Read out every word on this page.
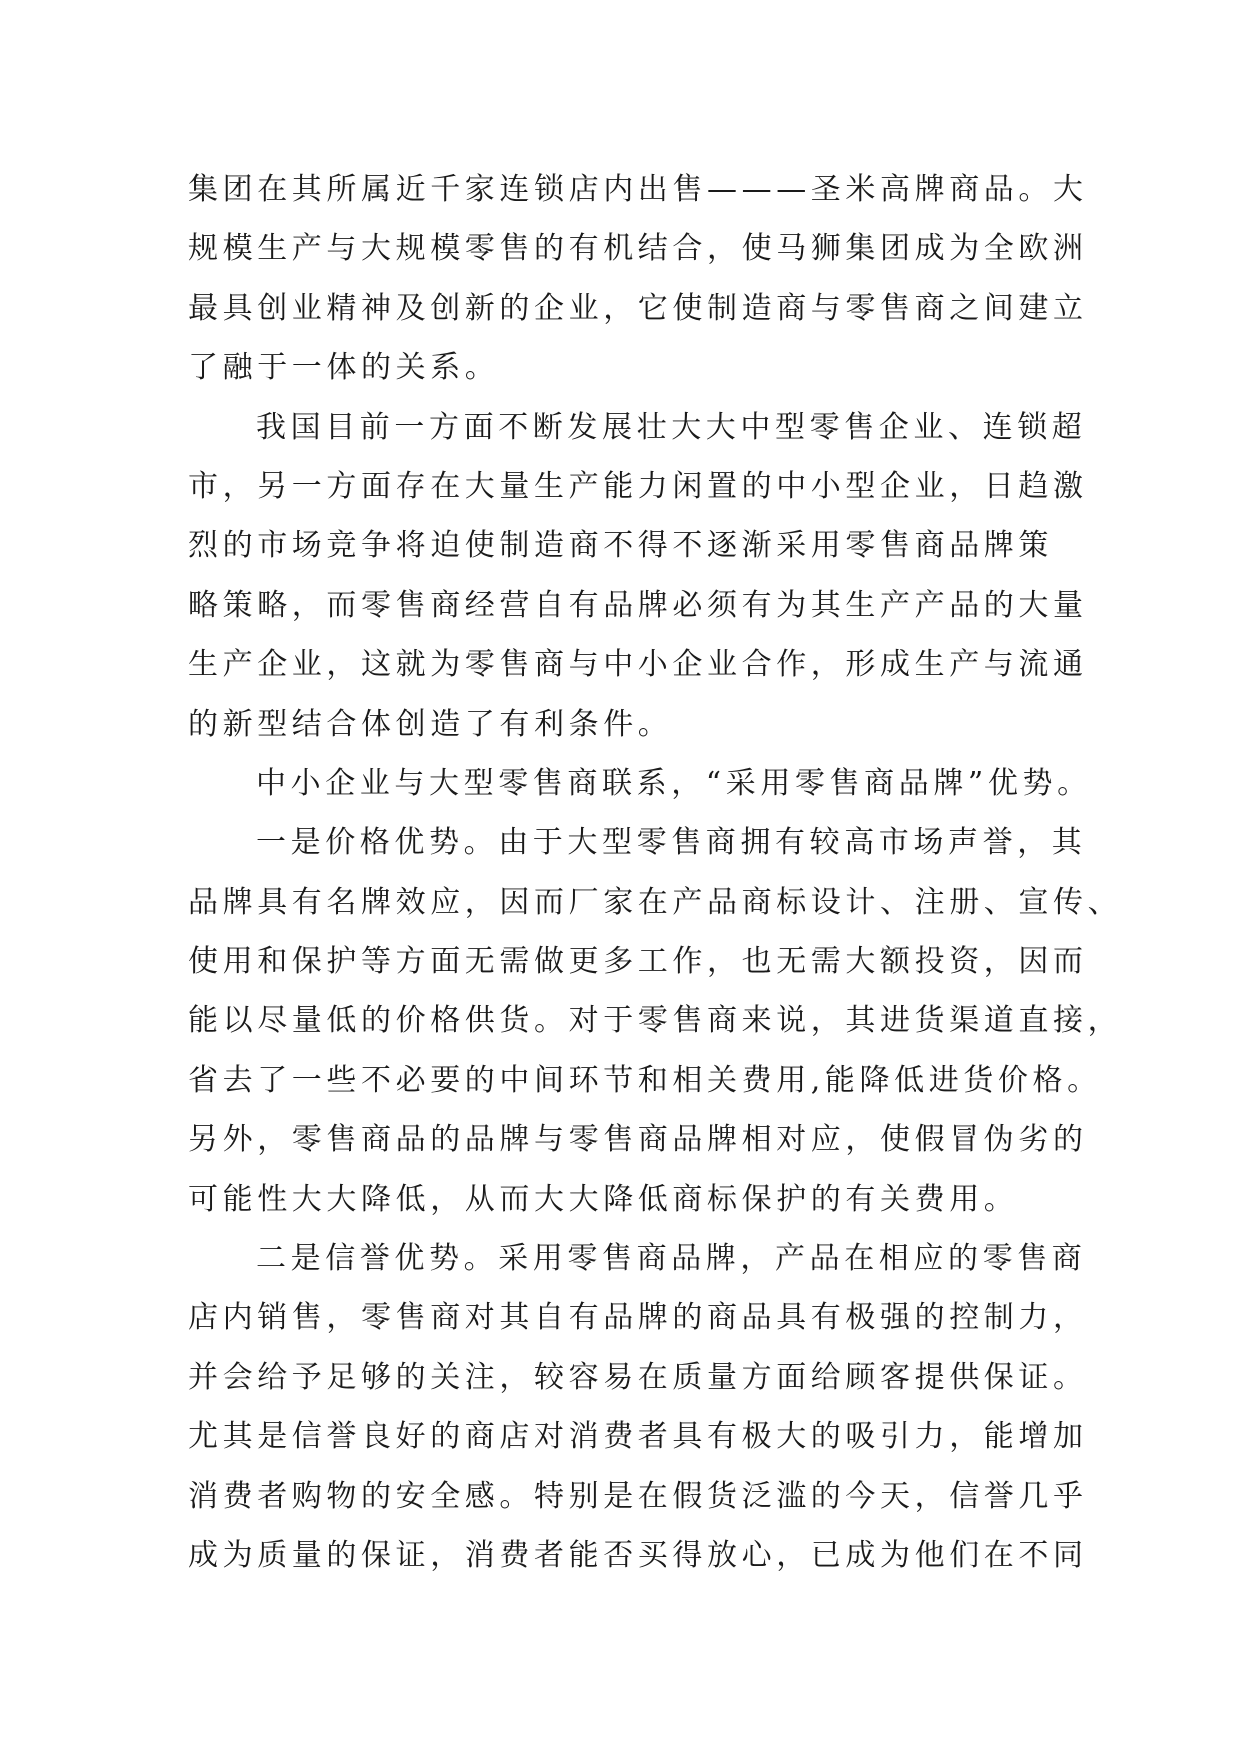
集团在其所属近千家连锁店内出售———圣米高牌商品。大
规模生产与大规模零售的有机结合，使马狮集团成为全欧洲
最具创业精神及创新的企业，它使制造商与零售商之间建立
了融于一体的关系。
我国目前一方面不断发展壮大大中型零售企业、连锁超
市，另一方面存在大量生产能力闲置的中小型企业，日趋激
烈的市场竞争将迫使制造商不得不逐渐采用零售商品牌策
略策略，而零售商经营自有品牌必须有为其生产产品的大量
生产企业，这就为零售商与中小企业合作，形成生产与流通
的新型结合体创造了有利条件。
中小企业与大型零售商联系，“采用零售商品牌”优势。
一是价格优势。由于大型零售商拥有较高市场声誉，其
品牌具有名牌效应，因而厂家在产品商标设计、注册、宣传、
使用和保护等方面无需做更多工作，也无需大额投资，因而
能以尽量低的价格供货。对于零售商来说，其进货渠道直接，
省去了一些不必要的中间环节和相关费用,能降低进货价格。
另外，零售商品的品牌与零售商品牌相对应，使假冒伪劣的
可能性大大降低，从而大大降低商标保护的有关费用。
二是信誉优势。采用零售商品牌，产品在相应的零售商
店内销售，零售商对其自有品牌的商品具有极强的控制力，
并会给予足够的关注，较容易在质量方面给顾客提供保证。
尤其是信誉良好的商店对消费者具有极大的吸引力，能增加
消费者购物的安全感。特别是在假货泛滥的今天，信誉几乎
成为质量的保证，消费者能否买得放心，已成为他们在不同
